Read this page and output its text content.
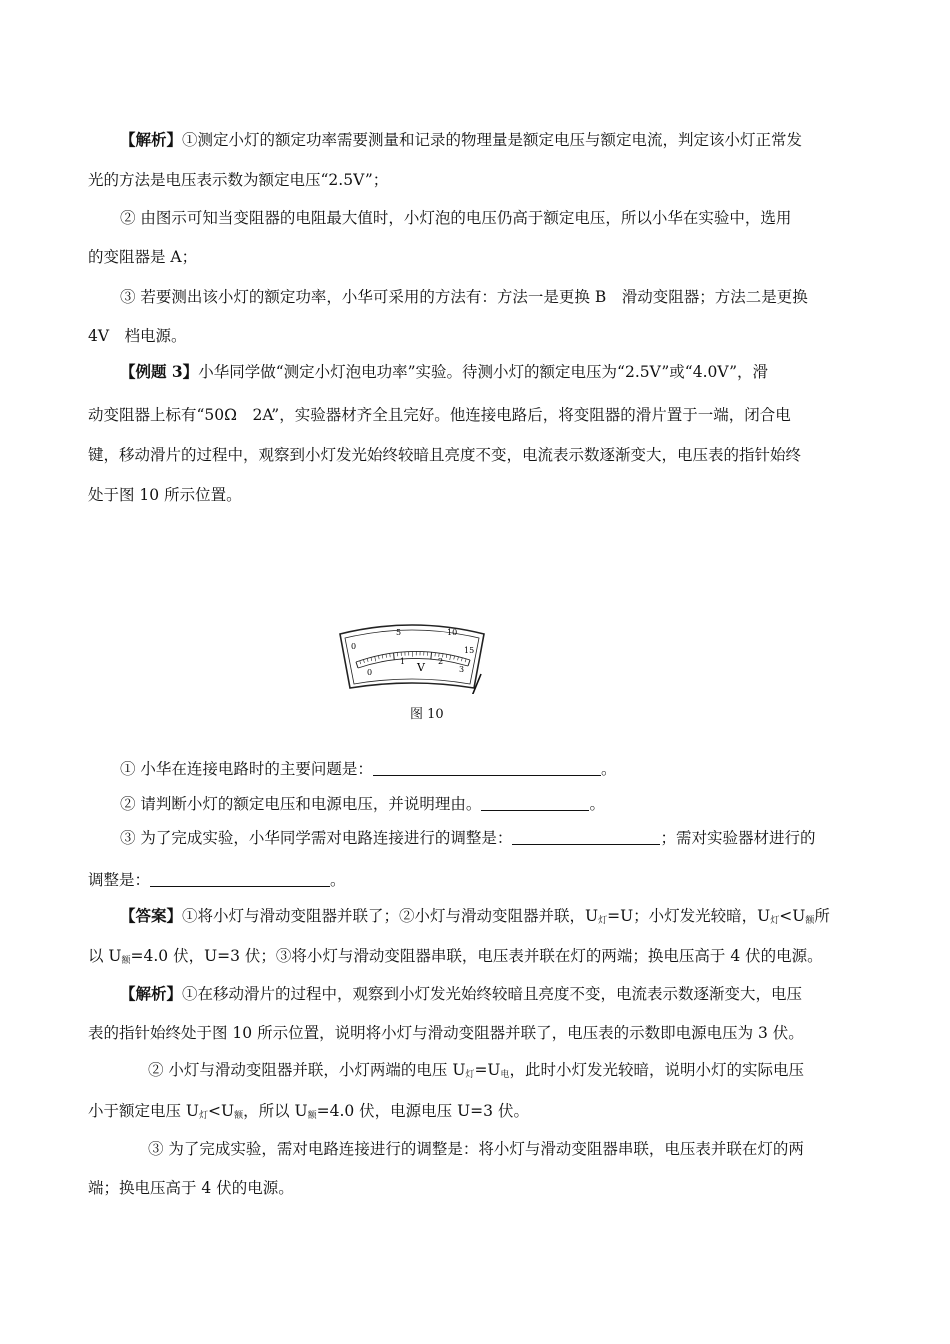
【解析】①测定小灯的额定功率需要测量和记录的物理量是额定电压与额定电流，判定该小灯正常发
光的方法是电压表示数为额定电压“2.5V”；
② 由图示可知当变阻器的电阻最大值时，小灯泡的电压仍高于额定电压，所以小华在实验中，选用
的变阻器是 A；
③ 若要测出该小灯的额定功率，小华可采用的方法有：方法一是更换 B　滑动变阻器；方法二是更换
4V　档电源。
【例题 3】小华同学做“测定小灯泡电功率”实验。待测小灯的额定电压为“2.5V”或“4.0V”，滑
动变阻器上标有“50Ω　2A”，实验器材齐全且完好。他连接电路后，将变阻器的滑片置于一端，闭合电
键，移动滑片的过程中，观察到小灯发光始终较暗且亮度不变，电流表示数逐渐变大，电压表的指针始终
处于图 10 所示位置。
0
5	10
15
0
1	2
3
V
图 10
① 小华在连接电路时的主要问题是：	。
② 请判断小灯的额定电压和电源电压，并说明理由。	。
③ 为了完成实验，小华同学需对电路连接进行的调整是：	；需对实验器材进行的
调整是：	。
【答案】①将小灯与滑动变阻器并联了；②小灯与滑动变阻器并联，$U_灯=U$；小灯发光较暗，$U_灯<U_额$所
以 $U_额=4.0$ 伏，U=3 伏；③将小灯与滑动变阻器串联，电压表并联在灯的两端；换电压高于 4 伏的电源。
【解析】①在移动滑片的过程中，观察到小灯发光始终较暗且亮度不变，电流表示数逐渐变大，电压
表的指针始终处于图 10 所示位置，说明将小灯与滑动变阻器并联了，电压表的示数即电源电压为 3 伏。
② 小灯与滑动变阻器并联，小灯两端的电压 $U_灯=U_电$，此时小灯发光较暗，说明小灯的实际电压
小于额定电压 $U_灯<U_额$，所以 $U_额=4.0$ 伏，电源电压 U=3 伏。
③ 为了完成实验，需对电路连接进行的调整是：将小灯与滑动变阻器串联，电压表并联在灯的两
端；换电压高于 4 伏的电源。
